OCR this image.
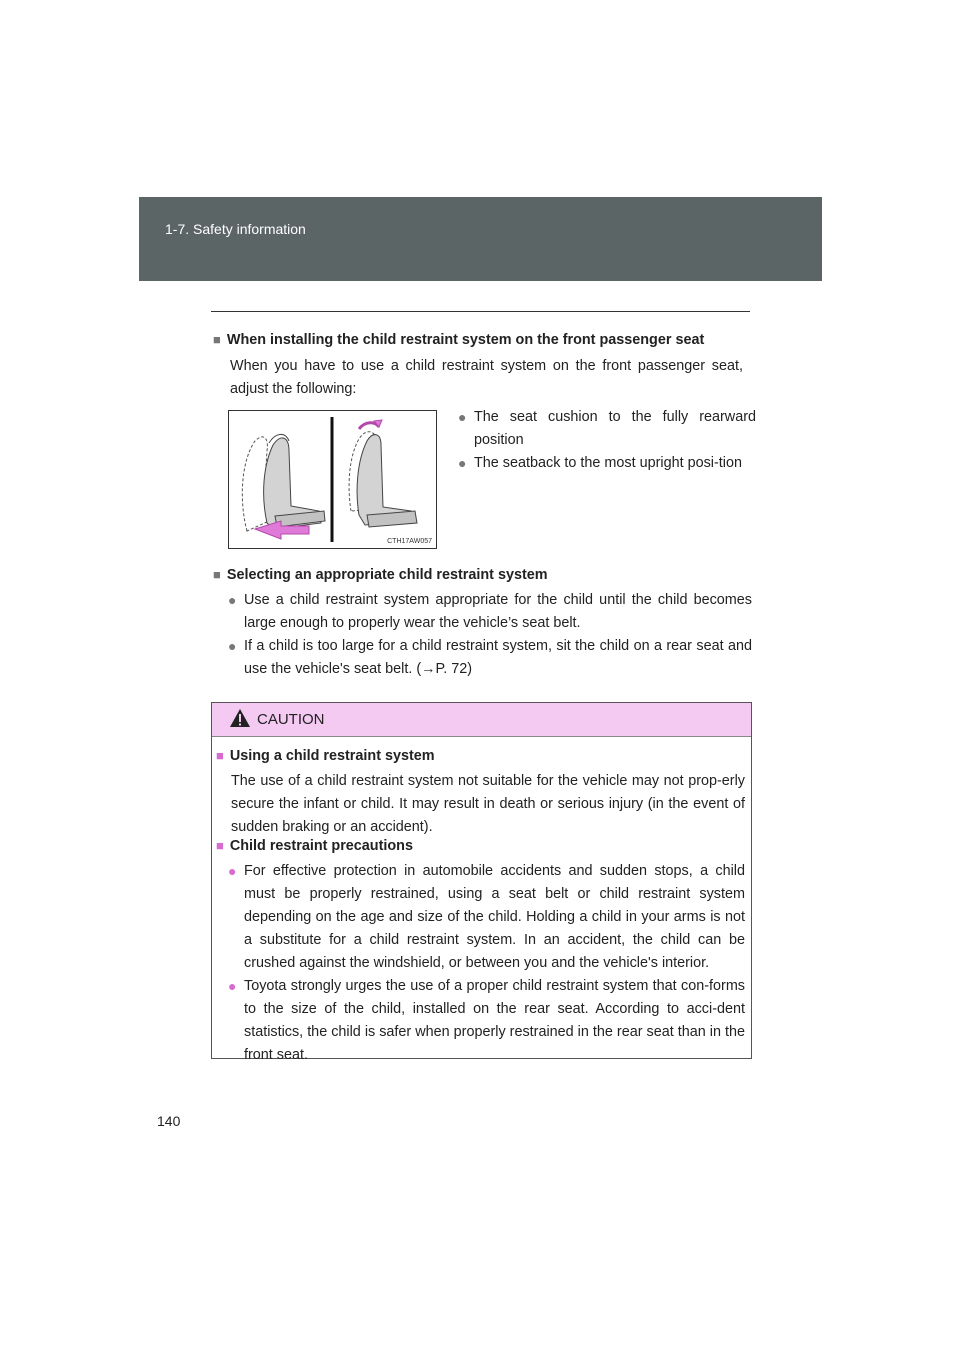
1-7. Safety information
■ When installing the child restraint system on the front passenger seat
When you have to use a child restraint system on the front passenger seat, adjust the following:
CTH17AW057
● The seat cushion to the fully rearward position
● The seatback to the most upright posi-tion
■ Selecting an appropriate child restraint system
● Use a child restraint system appropriate for the child until the child becomes large enough to properly wear the vehicle’s seat belt.
● If a child is too large for a child restraint system, sit the child on a rear seat and use the vehicle's seat belt. (→P. 72)
CAUTION
■ Using a child restraint system
The use of a child restraint system not suitable for the vehicle may not prop-erly secure the infant or child. It may result in death or serious injury (in the event of sudden braking or an accident).
■ Child restraint precautions
● For effective protection in automobile accidents and sudden stops, a child must be properly restrained, using a seat belt or child restraint system depending on the age and size of the child. Holding a child in your arms is not a substitute for a child restraint system. In an accident, the child can be crushed against the windshield, or between you and the vehicle's interior.
● Toyota strongly urges the use of a proper child restraint system that con-forms to the size of the child, installed on the rear seat. According to acci-dent statistics, the child is safer when properly restrained in the rear seat than in the front seat.
140
